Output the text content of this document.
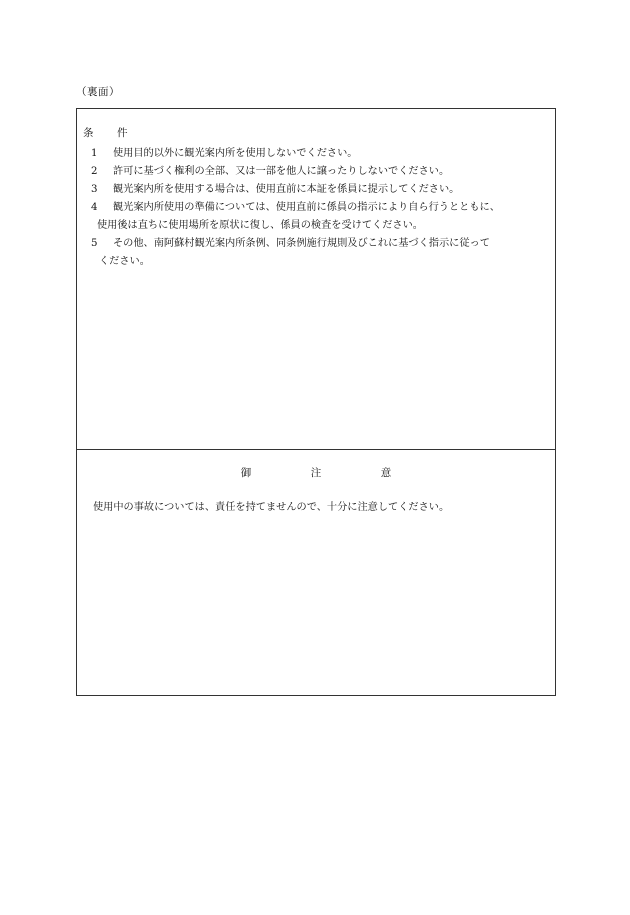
（裏面）
条 件
1	使用目的以外に観光案内所を使用しないでください。
2	許可に基づく権利の全部、又は一部を他人に譲ったりしないでください。
3	観光案内所を使用する場合は、使用直前に本証を係員に提示してください。
4	観光案内所使用の準備については、使用直前に係員の指示により自ら行うとともに、
使用後は直ちに使用場所を原状に復し、係員の検査を受けてください。
5	その他、南阿蘇村観光案内所条例、同条例施行規則及びこれに基づく指示に従って
ください。
御	注	意
使用中の事故については、責任を持てませんので、十分に注意してください。
